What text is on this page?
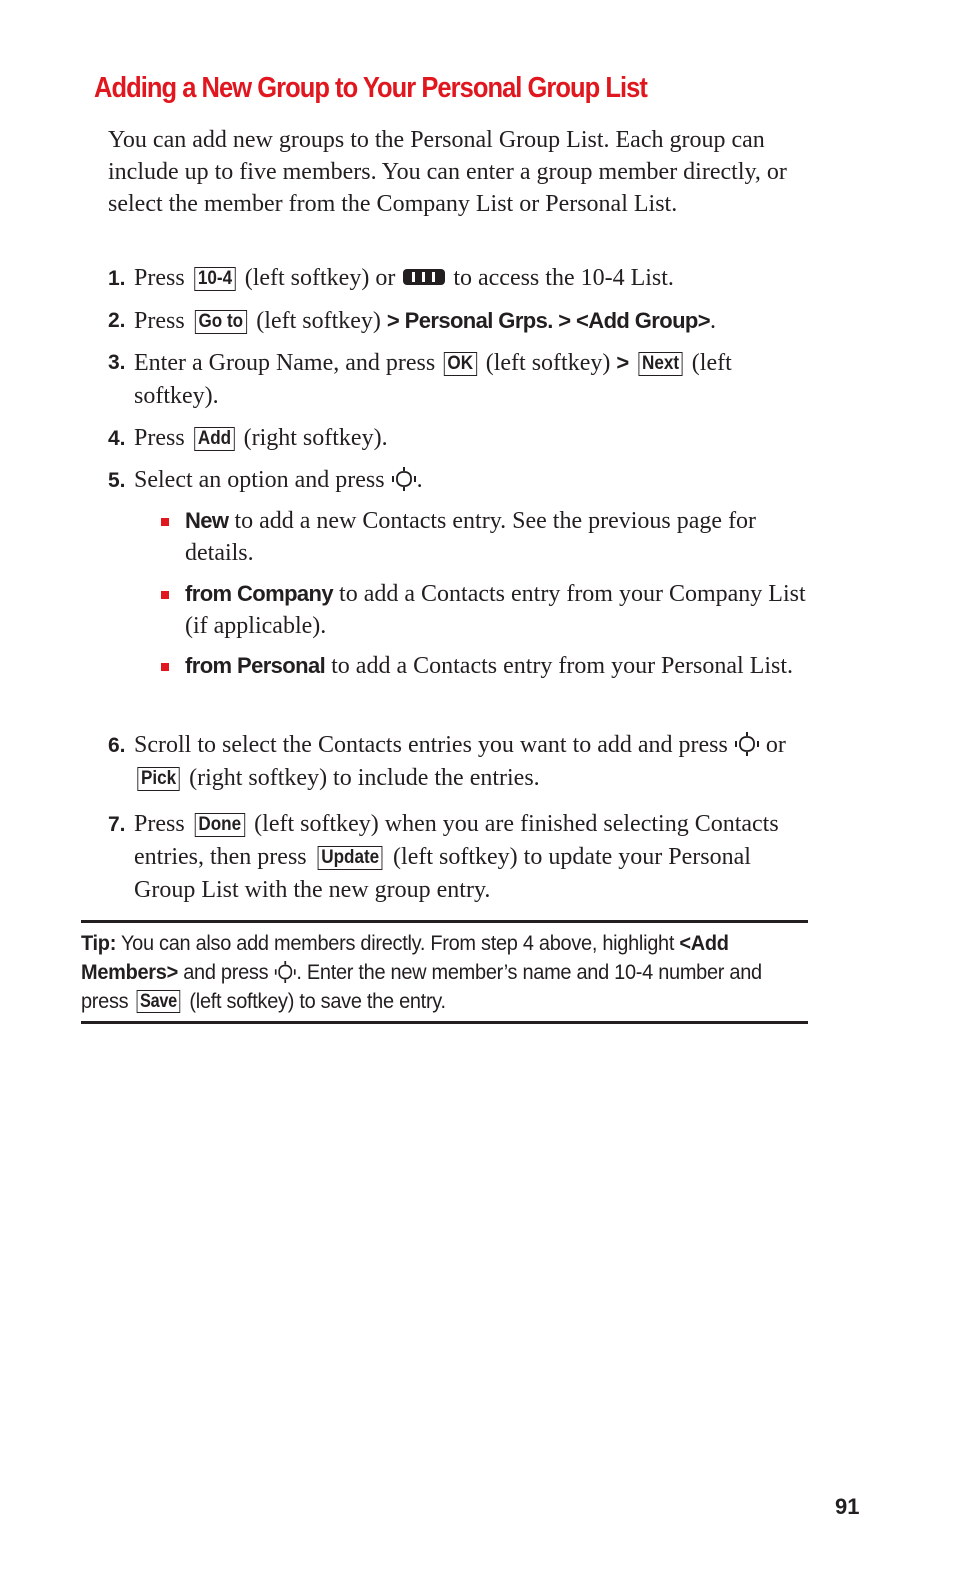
Adding a New Group to Your Personal Group List

You can add new groups to the Personal Group List. Each group can include up to five members. You can enter a group member directly, or select the member from the Company List or Personal List.

1. Press 10-4 (left softkey) or to access the 10-4 List.
2. Press Go to (left softkey) > Personal Grps. > <Add Group>.
3. Enter a Group Name, and press OK (left softkey) > Next (left softkey).
4. Press Add (right softkey).
5. Select an option and press .
New to add a new Contacts entry. See the previous page for details.
from Company to add a Contacts entry from your Company List (if applicable).
from Personal to add a Contacts entry from your Personal List.
6. Scroll to select the Contacts entries you want to add and press or Pick (right softkey) to include the entries.
7. Press Done (left softkey) when you are finished selecting Contacts entries, then press Update (left softkey) to update your Personal Group List with the new group entry.
Tip: You can also add members directly. From step 4 above, highlight <Add Members> and press . Enter the new member’s name and 10-4 number and press Save (left softkey) to save the entry.
91
